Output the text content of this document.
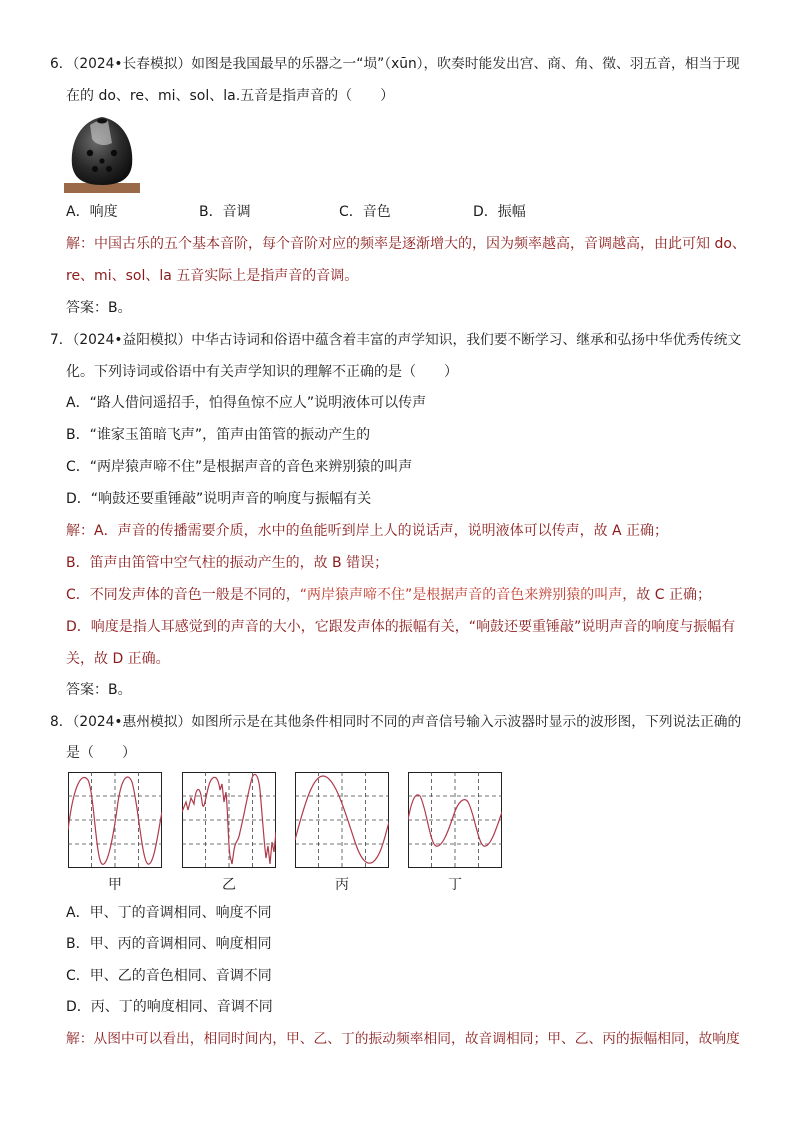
6．（2024•长春模拟）如图是我国最早的乐器之一“埙”（xūn），吹奏时能发出宫、商、角、徵、羽五音，相当于现
在的 do、re、mi、sol、la.五音是指声音的（　　）
A．响度	B．音调	C．音色	D．振幅
解：中国古乐的五个基本音阶，每个音阶对应的频率是逐渐增大的，因为频率越高，音调越高，由此可知 do、
re、mi、sol、la 五音实际上是指声音的音调。
答案：B。
7．（2024•益阳模拟）中华古诗词和俗语中蕴含着丰富的声学知识，我们要不断学习、继承和弘扬中华优秀传统文
化。下列诗词或俗语中有关声学知识的理解不正确的是（　　）
A．“路人借问遥招手，怕得鱼惊不应人”说明液体可以传声
B．“谁家玉笛暗飞声”，笛声由笛管的振动产生的
C．“两岸猿声啼不住”是根据声音的音色来辨别猿的叫声
D．“响鼓还要重锤敲”说明声音的响度与振幅有关
解：A．声音的传播需要介质，水中的鱼能听到岸上人的说话声，说明液体可以传声，故 A 正确；
B．笛声由笛管中空气柱的振动产生的，故 B 错误；
C．不同发声体的音色一般是不同的，“两岸猿声啼不住”是根据声音的音色来辨别猿的叫声，故 C 正确；
D．响度是指人耳感觉到的声音的大小，它跟发声体的振幅有关，“响鼓还要重锤敲”说明声音的响度与振幅有
关，故 D 正确。
答案：B。
8．（2024•惠州模拟）如图所示是在其他条件相同时不同的声音信号输入示波器时显示的波形图，下列说法正确的
是（　　）
甲	乙	丙	丁
A．甲、丁的音调相同、响度不同
B．甲、丙的音调相同、响度相同
C．甲、乙的音色相同、音调不同
D．丙、丁的响度相同、音调不同
解：从图中可以看出，相同时间内，甲、乙、丁的振动频率相同，故音调相同；甲、乙、丙的振幅相同，故响度
